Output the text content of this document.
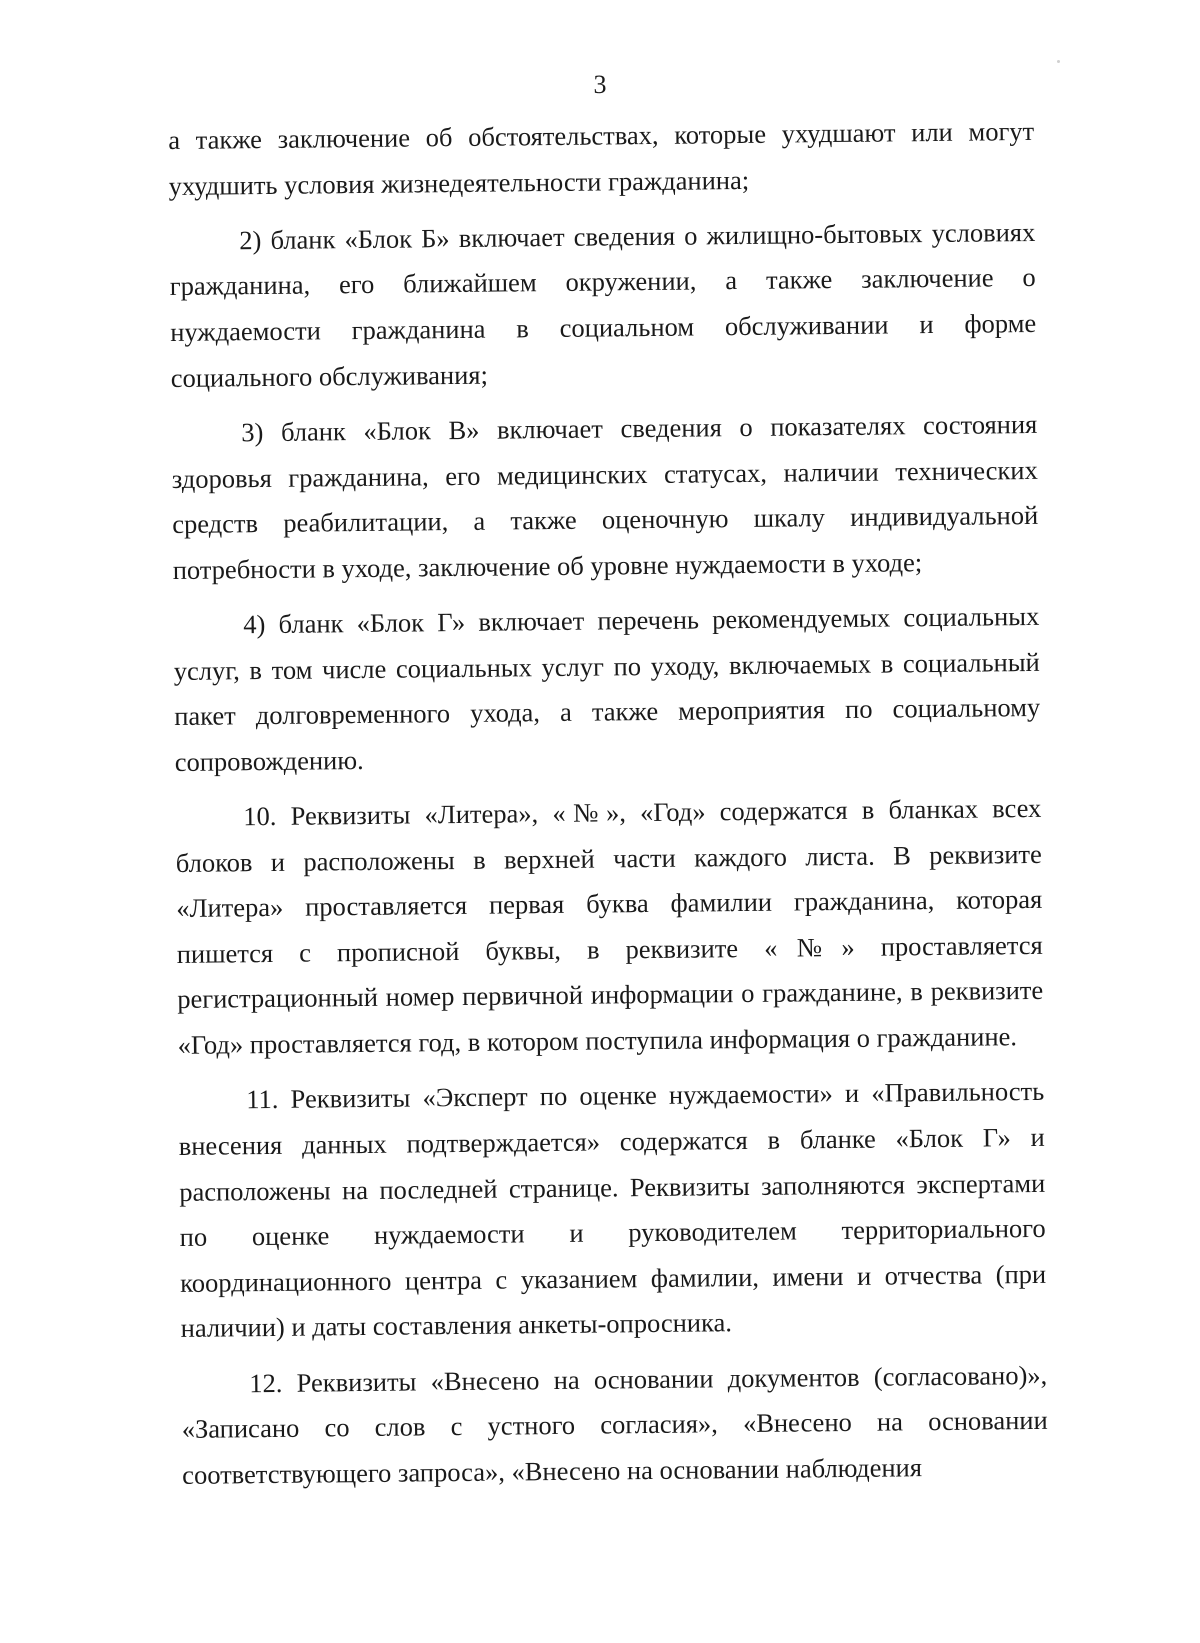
3

а также заключение об обстоятельствах, которые ухудшают или могут ухудшить условия жизнедеятельности гражданина;

2) бланк «Блок Б» включает сведения о жилищно-бытовых условиях гражданина, его ближайшем окружении, а также заключение о нуждаемости гражданина в социальном обслуживании и форме социального обслуживания;

3) бланк «Блок В» включает сведения о показателях состояния здоровья гражданина, его медицинских статусах, наличии технических средств реабилитации, а также оценочную шкалу индивидуальной потребности в уходе, заключение об уровне нуждаемости в уходе;

4) бланк «Блок Г» включает перечень рекомендуемых социальных услуг, в том числе социальных услуг по уходу, включаемых в социальный пакет долговременного ухода, а также мероприятия по социальному сопровождению.

10. Реквизиты «Литера», «№», «Год» содержатся в бланках всех блоков и расположены в верхней части каждого листа. В реквизите «Литера» проставляется первая буква фамилии гражданина, которая пишется с прописной буквы, в реквизите «№» проставляется регистрационный номер первичной информации о гражданине, в реквизите «Год» проставляется год, в котором поступила информация о гражданине.

11. Реквизиты «Эксперт по оценке нуждаемости» и «Правильность внесения данных подтверждается» содержатся в бланке «Блок Г» и расположены на последней странице. Реквизиты заполняются экспертами по оценке нуждаемости и руководителем территориального координационного центра с указанием фамилии, имени и отчества (при наличии) и даты составления анкеты-опросника.

12. Реквизиты «Внесено на основании документов (согласовано)», «Записано со слов с устного согласия», «Внесено на основании соответствующего запроса», «Внесено на основании наблюдения
